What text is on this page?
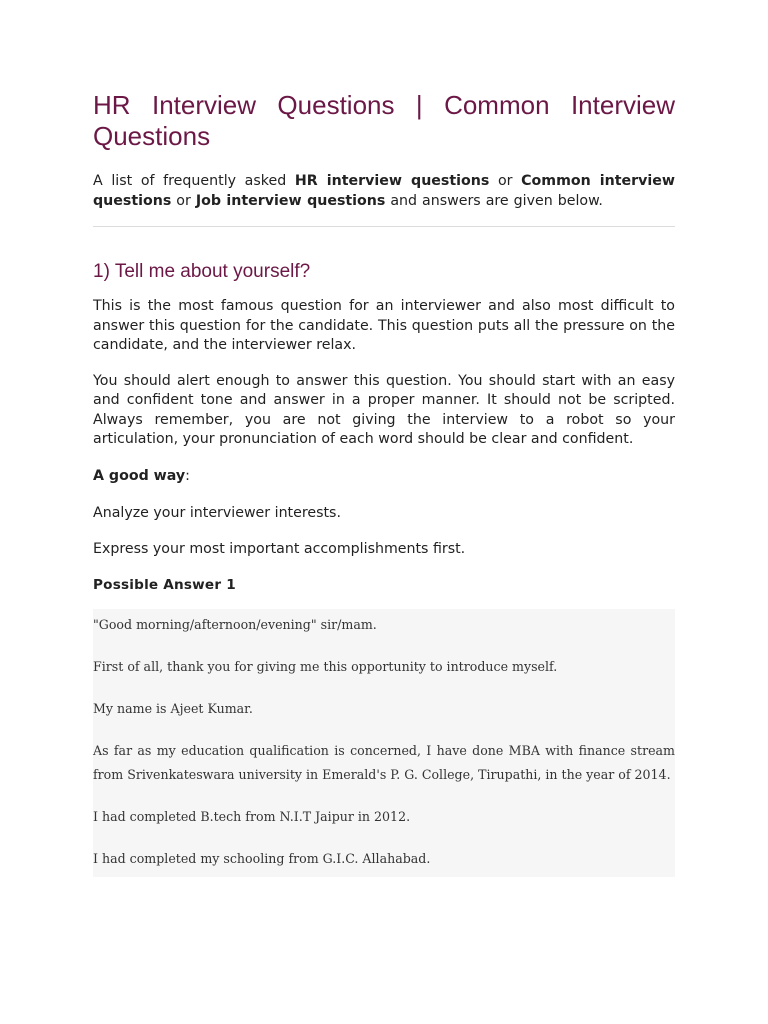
HR Interview Questions | Common Interview Questions

A list of frequently asked HR interview questions or Common interview questions or Job interview questions and answers are given below.

1) Tell me about yourself?

This is the most famous question for an interviewer and also most difficult to answer this question for the candidate. This question puts all the pressure on the candidate, and the interviewer relax.

You should alert enough to answer this question. You should start with an easy and confident tone and answer in a proper manner. It should not be scripted. Always remember, you are not giving the interview to a robot so your articulation, your pronunciation of each word should be clear and confident.

A good way:

Analyze your interviewer interests.

Express your most important accomplishments first.

Possible Answer 1

"Good morning/afternoon/evening" sir/mam.

First of all, thank you for giving me this opportunity to introduce myself.

My name is Ajeet Kumar.

As far as my education qualification is concerned, I have done MBA with finance stream from Srivenkateswara university in Emerald's P. G. College, Tirupathi, in the year of 2014.

I had completed B.tech from N.I.T Jaipur in 2012.

I had completed my schooling from G.I.C. Allahabad.
